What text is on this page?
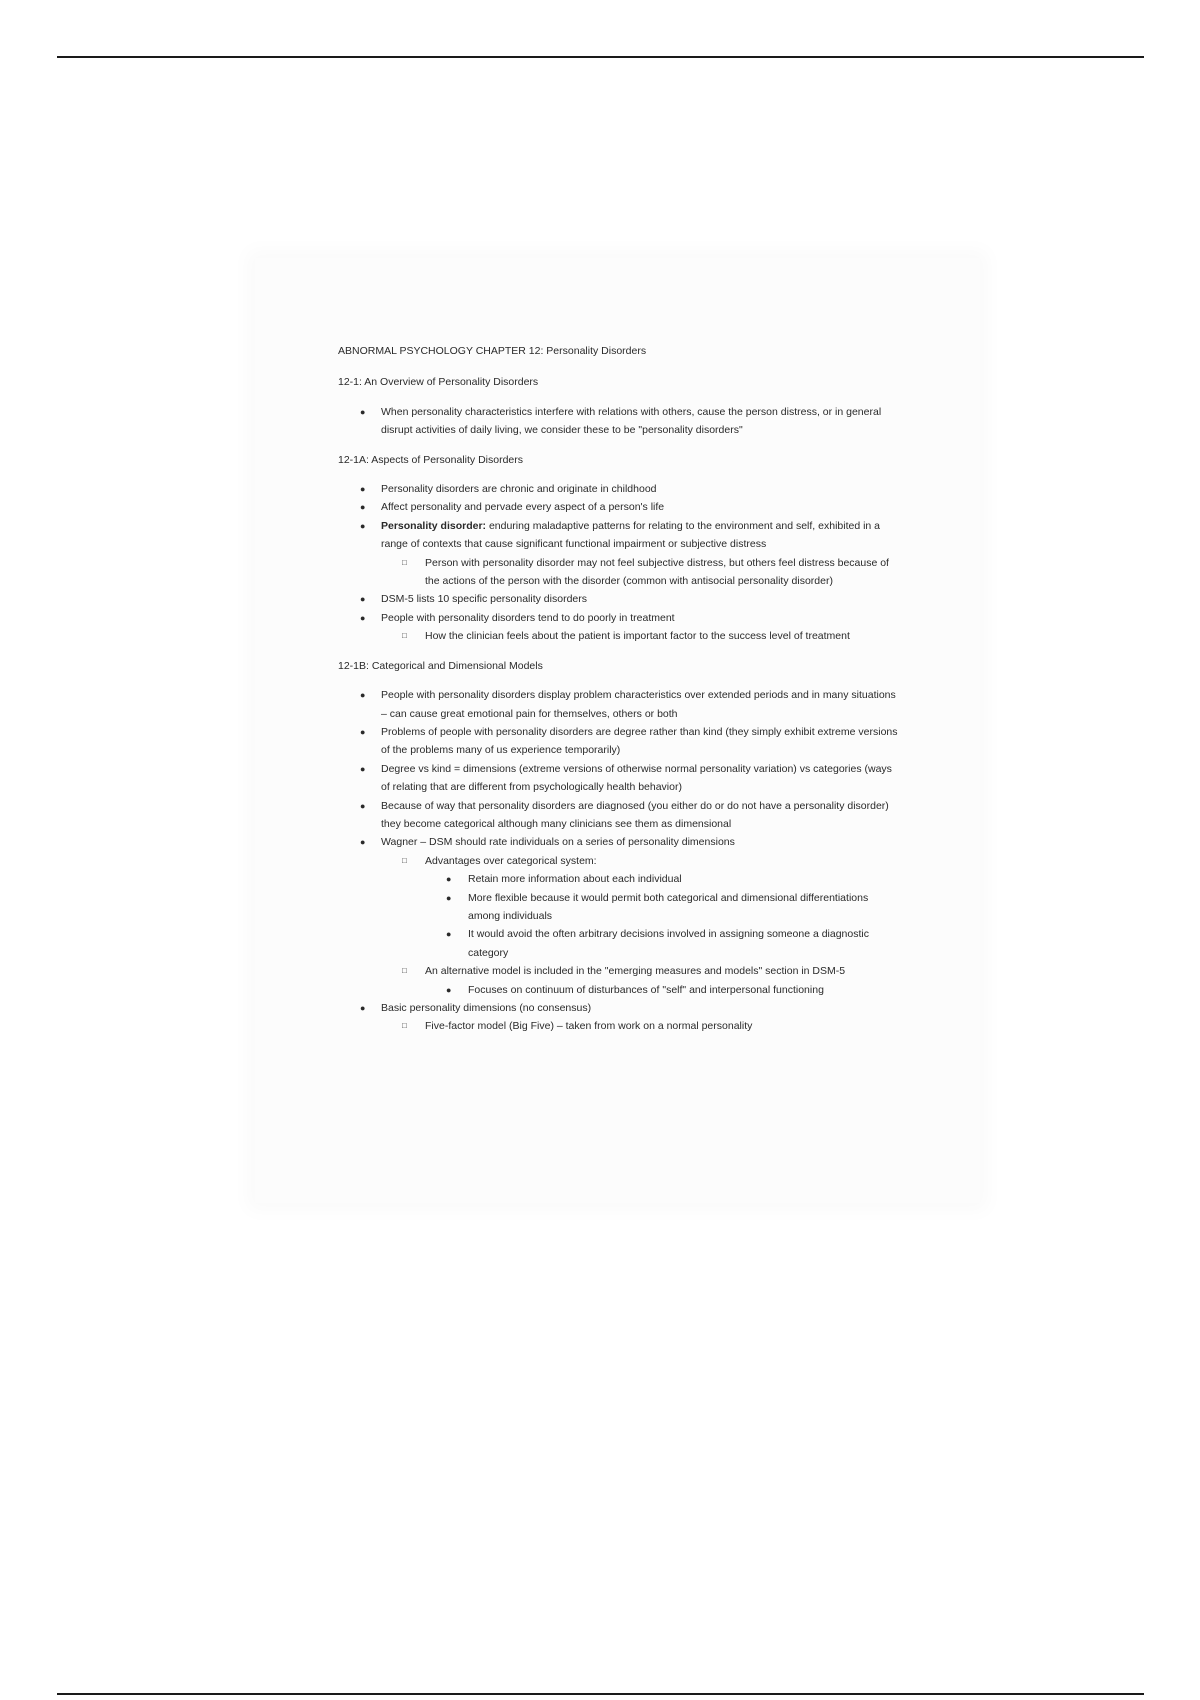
ABNORMAL PSYCHOLOGY CHAPTER 12: Personality Disorders

12-1: An Overview of Personality Disorders

● When personality characteristics interfere with relations with others, cause the person distress, or in general disrupt activities of daily living, we consider these to be "personality disorders"

12-1A: Aspects of Personality Disorders

● Personality disorders are chronic and originate in childhood
● Affect personality and pervade every aspect of a person's life
● Personality disorder: enduring maladaptive patterns for relating to the environment and self, exhibited in a range of contexts that cause significant functional impairment or subjective distress
□ Person with personality disorder may not feel subjective distress, but others feel distress because of the actions of the person with the disorder (common with antisocial personality disorder)
● DSM-5 lists 10 specific personality disorders
● People with personality disorders tend to do poorly in treatment
□ How the clinician feels about the patient is important factor to the success level of treatment

12-1B: Categorical and Dimensional Models

● People with personality disorders display problem characteristics over extended periods and in many situations – can cause great emotional pain for themselves, others or both
● Problems of people with personality disorders are degree rather than kind (they simply exhibit extreme versions of the problems many of us experience temporarily)
● Degree vs kind = dimensions (extreme versions of otherwise normal personality variation) vs categories (ways of relating that are different from psychologically health behavior)
● Because of way that personality disorders are diagnosed (you either do or do not have a personality disorder) they become categorical although many clinicians see them as dimensional
● Wagner – DSM should rate individuals on a series of personality dimensions
□ Advantages over categorical system:
● Retain more information about each individual
● More flexible because it would permit both categorical and dimensional differentiations among individuals
● It would avoid the often arbitrary decisions involved in assigning someone a diagnostic category
□ An alternative model is included in the "emerging measures and models" section in DSM-5
● Focuses on continuum of disturbances of "self" and interpersonal functioning
● Basic personality dimensions (no consensus)
□ Five-factor model (Big Five) – taken from work on a normal personality
